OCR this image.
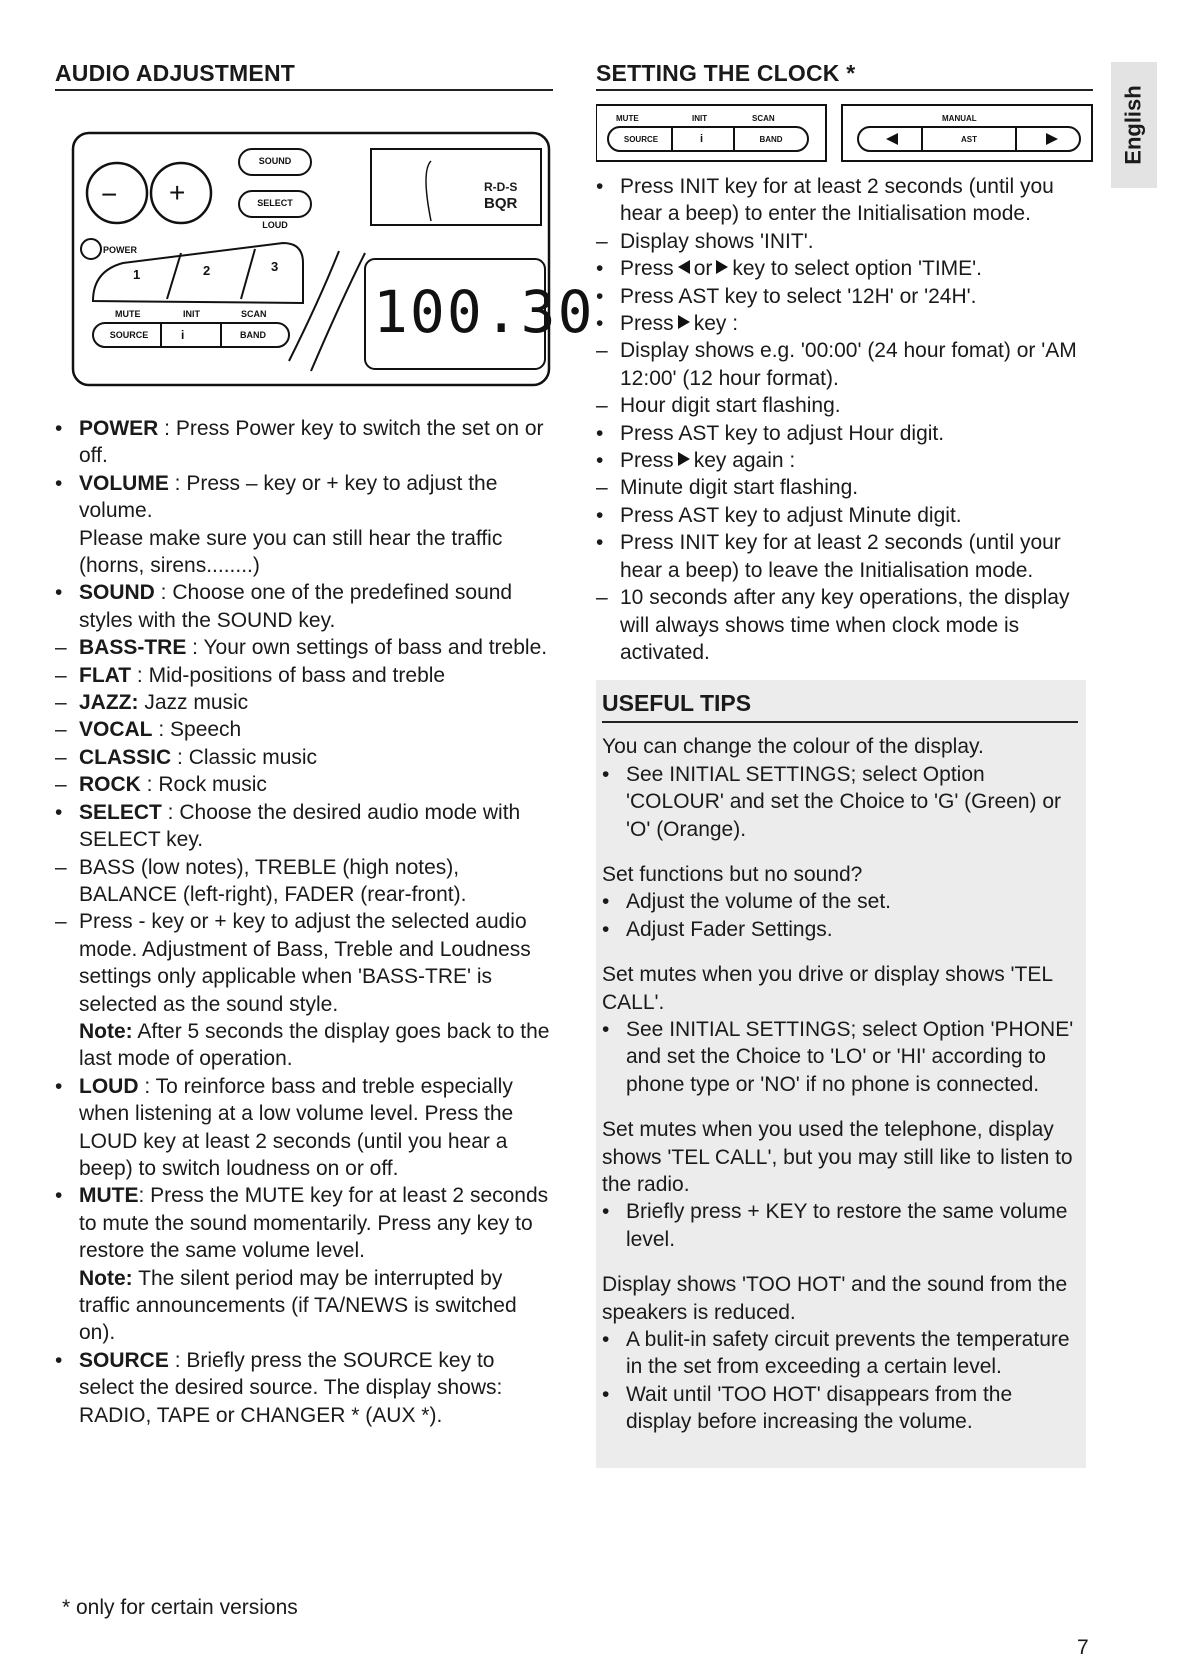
AUDIO ADJUSTMENT
− +
SOUND
SELECT
LOUD
POWER
1	2	3
MUTE	INIT	SCAN
SOURCE	i	BAND
R-D-S
BQR
100.30
• POWER : Press Power key to switch the set on or off.
• VOLUME : Press – key or + key to adjust the volume.
Please make sure you can still hear the traffic (horns, sirens........)
• SOUND : Choose one of the predefined sound styles with the SOUND key.
– BASS-TRE : Your own settings of bass and treble.
– FLAT : Mid-positions of bass and treble
– JAZZ: Jazz music
– VOCAL : Speech
– CLASSIC : Classic music
– ROCK : Rock music
• SELECT : Choose the desired audio mode with SELECT key.
– BASS (low notes), TREBLE (high notes), BALANCE (left-right), FADER (rear-front).
– Press - key or + key to adjust the selected audio mode. Adjustment of Bass, Treble and Loudness settings only applicable when 'BASS-TRE' is selected as the sound style.
Note: After 5 seconds the display goes back to the last mode of operation.
• LOUD : To reinforce bass and treble especially when listening at a low volume level. Press the LOUD key at least 2 seconds (until you hear a beep) to switch loudness on or off.
• MUTE: Press the MUTE key for at least 2 seconds to mute the sound momentarily. Press any key to restore the same volume level.
Note: The silent period may be interrupted by traffic announcements (if TA/NEWS is switched on).
• SOURCE : Briefly press the SOURCE key to select the desired source. The display shows: RADIO, TAPE or CHANGER * (AUX *).
SETTING THE CLOCK *
MUTE	INIT	SCAN
SOURCE	i	BAND
MANUAL
AST
• Press INIT key for at least 2 seconds (until you hear a beep) to enter the Initialisation mode.
– Display shows 'INIT'.
• Press or key to select option 'TIME'.
• Press AST key to select '12H' or '24H'.
• Press key :
– Display shows e.g. '00:00' (24 hour fomat) or 'AM 12:00' (12 hour format).
– Hour digit start flashing.
• Press AST key to adjust Hour digit.
• Press key again :
– Minute digit start flashing.
• Press AST key to adjust Minute digit.
• Press INIT key for at least 2 seconds (until your hear a beep) to leave the Initialisation mode.
– 10 seconds after any key operations, the display will always shows time when clock mode is activated.
USEFUL TIPS
You can change the colour of the display.
• See INITIAL SETTINGS; select Option 'COLOUR' and set the Choice to 'G' (Green) or 'O' (Orange).
Set functions but no sound?
• Adjust the volume of the set.
• Adjust Fader Settings.
Set mutes when you drive or display shows 'TEL CALL'.
• See INITIAL SETTINGS; select Option 'PHONE' and set the Choice to 'LO' or 'HI' according to phone type or 'NO' if no phone is connected.
Set mutes when you used the telephone, display shows 'TEL CALL', but you may still like to listen to the radio.
• Briefly press + KEY to restore the same volume level.
Display shows 'TOO HOT' and the sound from the speakers is reduced.
• A bulit-in safety circuit prevents the temperature in the set from exceeding a certain level.
• Wait until 'TOO HOT' disappears from the display before increasing the volume.
English
* only for certain versions
7
